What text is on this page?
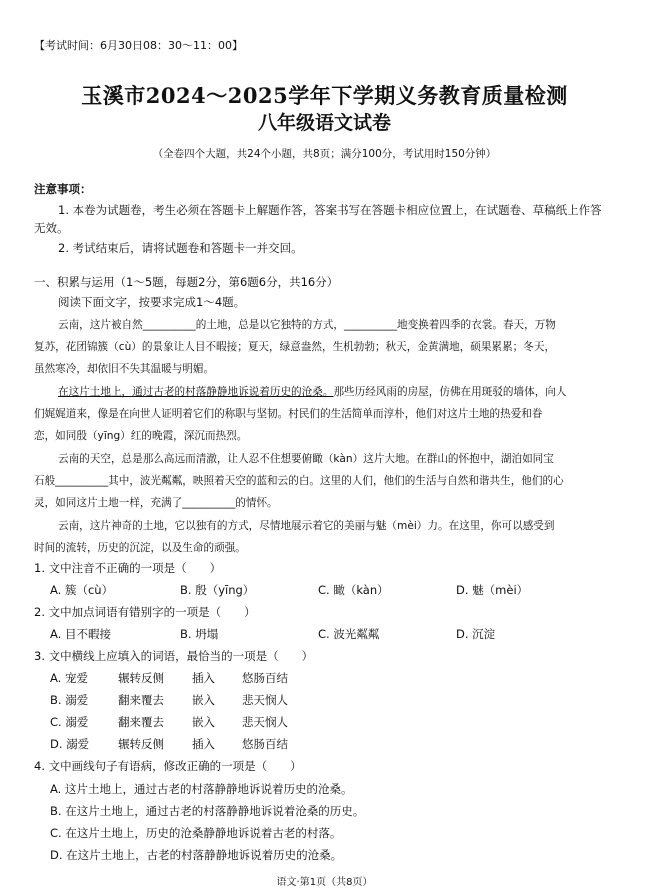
【考试时间：6月30日08：30～11：00】
玉溪市2024～2025学年下学期义务教育质量检测
八年级语文试卷
（全卷四个大题，共24个小题，共8页；满分100分，考试用时150分钟）
注意事项：
1. 本卷为试题卷，考生必须在答题卡上解题作答，答案书写在答题卡相应位置上，在试题卷、草稿纸上作答
无效。
2. 考试结束后，请将试题卷和答题卡一并交回。
一、积累与运用（1～5题，每题2分，第6题6分，共16分）
阅读下面文字，按要求完成1～4题。
云南，这片被自然__________的土地，总是以它独特的方式，__________地变换着四季的衣裳。春天，万物
复苏，花团锦簇（cù）的景象让人目不暇接；夏天，绿意盎然，生机勃勃；秋天，金黄满地，硕果累累；冬天，
虽然寒冷，却依旧不失其温暖与明媚。
在这片土地上，通过古老的村落静静地诉说着历史的沧桑。那些历经风雨的房屋，仿佛在用斑驳的墙体，向人
们娓娓道来，像是在向世人证明着它们的称职与坚韧。村民们的生活简单而淳朴，他们对这片土地的热爱和眷
恋，如同殷（yīng）红的晚霞，深沉而热烈。
云南的天空，总是那么高远而清澈，让人忍不住想要俯瞰（kàn）这片大地。在群山的怀抱中，湖泊如同宝
石般__________其中，波光粼粼，映照着天空的蓝和云的白。这里的人们，他们的生活与自然和谐共生，他们的心
灵，如同这片土地一样，充满了__________的情怀。
云南，这片神奇的土地，它以独有的方式，尽情地展示着它的美丽与魅（mèi）力。在这里，你可以感受到
时间的流转，历史的沉淀，以及生命的顽强。
1. 文中注音不正确的一项是（　　）
A. 簇（cù）	B. 殷（yīng）	C. 瞰（kàn）	D. 魅（mèi）
2. 文中加点词语有错别字的一项是（　　）
A. 目不暇接	B. 坍塌	C. 波光粼粼	D. 沉淀
3. 文中横线上应填入的词语，最恰当的一项是（　　）
A. 宠爱	辗转反侧 插入 悠肠百结
B. 溺爱	翻来覆去 嵌入 悲天悯人
C. 溺爱	翻来覆去 嵌入 悲天悯人
D. 溺爱	辗转反侧 插入 悠肠百结
4. 文中画线句子有语病，修改正确的一项是（　　）
A. 这片土地上，通过古老的村落静静地诉说着历史的沧桑。
B. 在这片土地上，通过古老的村落静静地诉说着沧桑的历史。
C. 在这片土地上，历史的沧桑静静地诉说着古老的村落。
D. 在这片土地上，古老的村落静静地诉说着历史的沧桑。
语文·第1页（共8页）
